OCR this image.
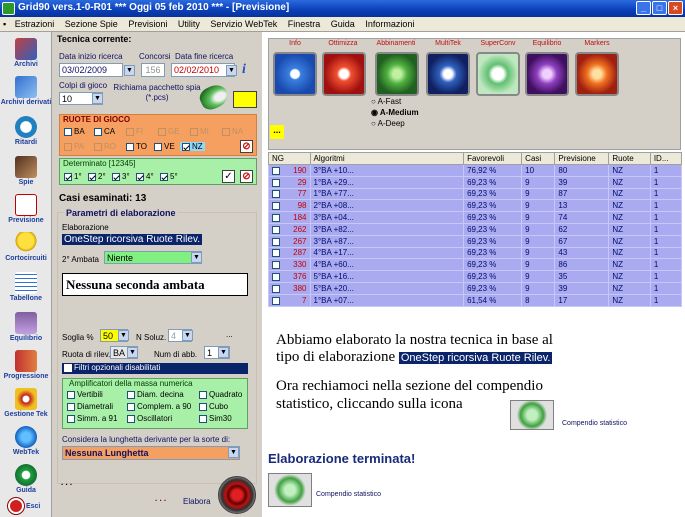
Grid90 vers.1-0-R01 *** Oggi 05 feb 2010 *** - [Previsione]	_	□	×
▪ Estrazioni Sezione Spie Previsioni Utility Servizio WebTek Finestra Guida Informazioni
Archivi
Archivi derivati
Ritardi
Spie
Previsione
Cortocircuiti
Tabellone
Equilibrio
Progressione
Gestione Tek
WebTek
Guida
Esci
Tecnica corrente:
Data inizio ricerca
03/02/2009	▼
Concorsi
156
Data fine ricerca
02/02/2010	▼ i
Colpi di gioco
10	▼
Richiama pacchetto spia (*.pcs)
RUOTE DI GIOCO
BA	CA	FI	GE	MI	NA
PA	RO	TO	VE	NZ	⊘
Determinato [12345]
1°	2°	3°	4°	5°	✓ ⊘
Casi esaminati: 13
Parametri di elaborazione
Elaborazione
OneStep ricorsiva Ruote Rilev.
2° Ambata Niente	▼
Nessuna seconda ambata
Soglia %	50	▼ N Soluz. 4	▼	...
Ruota di rilev. BA ▼ Num di abb.	1	▼
Filtri opzionali disabilitati
Amplificatori della massa numerica
Vertibili	Diam. decina	Quadrato
Diametrali	Complem. a 90	Cubo
Simm. a 91	Oscillatori	Sim30
Considera la lunghetta derivante per la sorte di:
Nessuna Lunghetta	▼
. . .
. . . Elabora
Info	Ottimizza	Abbinamenti	MultiTek	SuperConv	Equilibrio	Markers
○ A-Fast
◉ A-Medium
○ A-Deep
...
NG	Algoritmi	Favorevoli	Casi	Previsione	Ruote	ID...

190	3°BA +10...	76,92 %	10	80	NZ	1

29	1°BA +29...	69,23 %	9	39	NZ	1

77	1°BA +77...	69,23 %	9	87	NZ	1

98	2°BA +08...	69,23 %	9	13	NZ	1

184	3°BA +04...	69,23 %	9	74	NZ	1

262	3°BA +82...	69,23 %	9	62	NZ	1

267	3°BA +87...	69,23 %	9	67	NZ	1

287	4°BA +17...	69,23 %	9	43	NZ	1

330	4°BA +60...	69,23 %	9	86	NZ	1

376	5°BA +16...	69,23 %	9	35	NZ	1

380	5°BA +20...	69,23 %	9	39	NZ	1

7	1°BA +07...	61,54 %	8	17	NZ	1
Abbiamo elaborato la nostra tecnica in base al
tipo di elaborazione OneStep ricorsiva Ruote Rilev.
Ora rechiamoci nella sezione del compendio
statistico, cliccando sulla icona
Compendio statistico
Elaborazione terminata!
Compendio statistico
